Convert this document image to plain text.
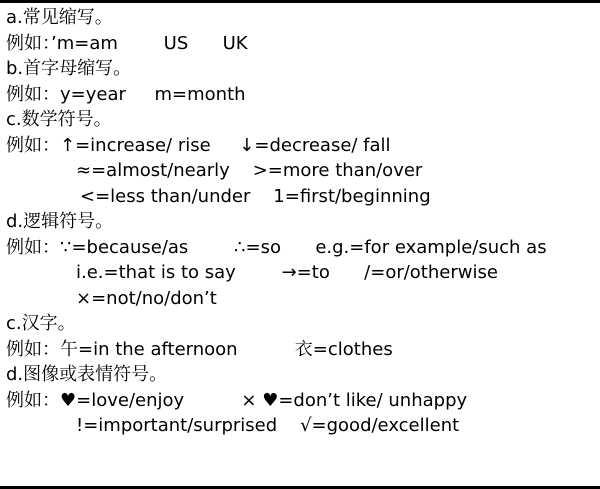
a.常见缩写。
例如：’m=am        US      UK
b.首字母缩写。
例如：y=year     m=month
c.数学符号。
例如：↑=increase/ rise     ↓=decrease/ fall
≈=almost/nearly    >=more than/over
<=less than/under    1=first/beginning
d.逻辑符号。
例如：∵=because/as        ∴=so      e.g.=for example/such as
i.e.=that is to say        →=to      /=or/otherwise
×=not/no/don’t
c.汉字。
例如：午=in the afternoon          衣=clothes
d.图像或表情符号。
例如：♥=love/enjoy          × ♥=don’t like/ unhappy
!=important/surprised    √=good/excellent
